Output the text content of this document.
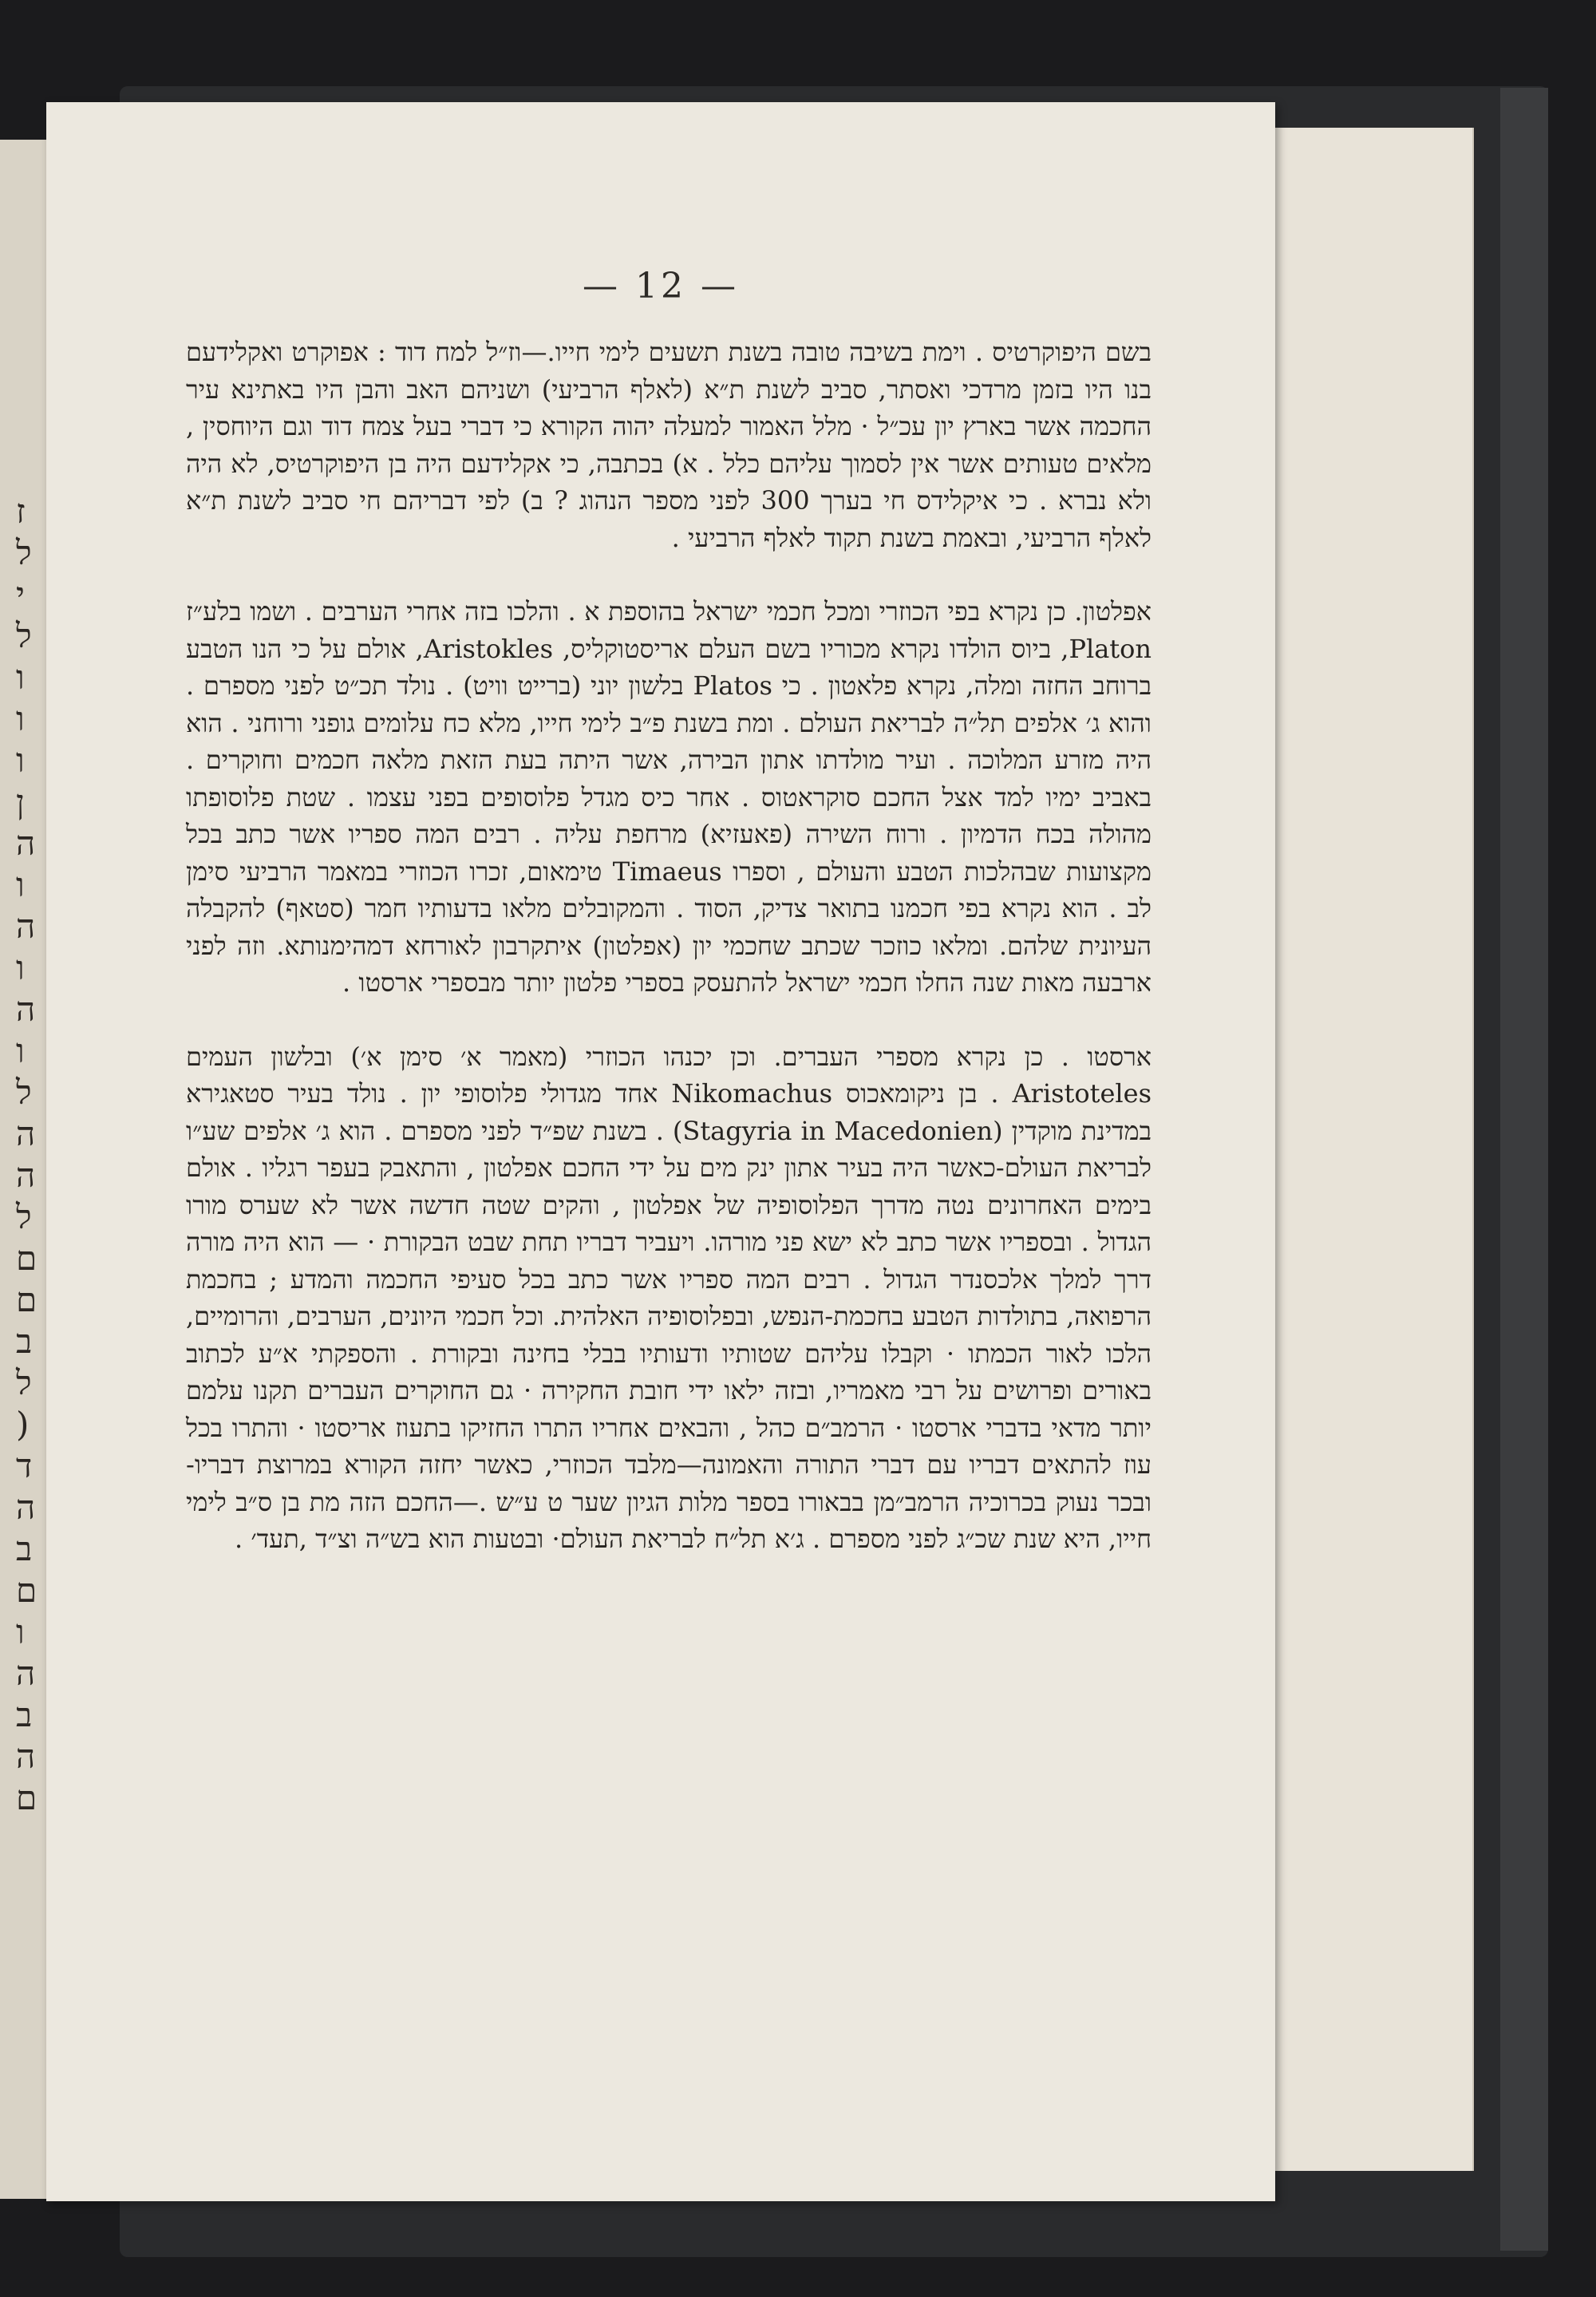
ז
ל
י
ל
ו
ו
ו
ן
ה
ו
ה
ו
ה
ו
ל
ה
ה
ל
ם
ם
ב
ל
)
ד
ה
ב
ם
ו
ה
ב
ה
ם
— 12 —

בשם היפוקרטיס . וימת בשיבה טובה בשנת תשעים לימי חייו.—וז״ל למח דוד : אפוקרט ואקלידעם בנו היו בזמן מרדכי ואסתר, סביב לשנת ת״א (לאלף הרביעי) ושניהם האב והבן היו באתינא עיר החכמה אשר בארץ יון עכ״ל · מלל האמור למעלה יהוה הקורא כי דברי בעל צמח דוד וגם היוחסין , מלאים טעותים אשר אין לסמוך עליהם כלל . א) בכתבה, כי אקלידעם היה בן היפוקרטיס, לא היה ולא נברא . כי איקלידס חי בערך 300 לפני מספר הנהוג ? ב) לפי דבריהם חי סביב לשנת ת״א לאלף הרביעי, ובאמת בשנת תקוד לאלף הרביעי .

אפלטון. כן נקרא בפי הכוזרי ומכל חכמי ישראל בהוספת א . והלכו בזה אחרי הערבים . ושמו בלע״ז Platon, ביוס הולדו נקרא מכוריו בשם העלם אריסטוקליס, Aristokles, אולם על כי הנו הטבע ברוחב החזה ומלה, נקרא פלאטון . כי Platos בלשון יוני (ברייט וויט) . נולד תכ״ט לפני מספרם . והוא ג׳ אלפים תל״ה לבריאת העולם . ומת בשנת פ״ב לימי חייו, מלא כח עלומים גופני ורוחני . הוא היה מזרע המלוכה . ועיר מולדתו אתון הבירה, אשר היתה בעת הזאת מלאה חכמים וחוקרים . באביב ימיו למד אצל החכם סוקראטוס . אחר כיס מגדל פלוסופים בפני עצמו . שטת פלוסופתו מהולה בכח הדמיון . ורוח השירה (פאעזיא) מרחפת עליה . רבים המה ספריו אשר כתב בכל מקצועות שבהלכות הטבע והעולם , וספרו Timaeus טימאום, זכרו הכוזרי במאמר הרביעי סימן לב . הוא נקרא בפי חכמנו בתואר צדיק, הסוד . והמקובלים מלאו בדעותיו חמר (סטאף) להקבלה העיונית שלהם. ומלאו כוזכר שכתב שחכמי יון (אפלטון) איתקרבון לאורחא דמהימנותא. וזה לפני ארבעה מאות שנה החלו חכמי ישראל להתעסק בספרי פלטון יותר מבספרי ארסטו .

ארסטו . כן נקרא מספרי העברים. וכן יכנהו הכוזרי (מאמר א׳ סימן א׳) ובלשון העמים Aristoteles . בן ניקומאכוס Nikomachus אחד מגדולי פלוסופי יון . נולד בעיר סטאגירא במדינת מוקדין (Stagyria in Macedonien) . בשנת שפ״ד לפני מספרם . הוא ג׳ אלפים שע״ו לבריאת העולם-כאשר היה בעיר אתון ינק מים על ידי החכם אפלטון , והתאבק בעפר רגליו . אולם בימים האחרונים נטה מדרך הפלוסופיה של אפלטון , והקים שטה חדשה אשר לא שערס מורו הגדול . ובספריו אשר כתב לא ישא פני מורהו. ויעביר דבריו תחת שבט הבקורת · — הוא היה מורה דרך למלך אלכסנדר הגדול . רבים המה ספריו אשר כתב בכל סעיפי החכמה והמדע ; בחכמת הרפואה, בתולדות הטבע בחכמת-הנפש, ובפלוסופיה האלהית. וכל חכמי היונים, הערבים, והרומיים, הלכו לאור הכמתו · וקבלו עליהם שטותיו ודעותיו בבלי בחינה ובקורת . והספקתי א״ע לכתוב באורים ופרושים על רבי מאמריו, ובזה ילאו ידי חובת החקירה · גם החוקרים העברים תקנו עלמם יותר מדאי בדברי ארסטו · הרמב״ם כהל , והבאים אחריו התרו החזיקו בתעוז אריסטו · והתרו בכל עוז להתאים דבריו עם דברי התורה והאמונה—מלבד הכוזרי, כאשר יחזה הקורא במרוצת דבריו- ובכר נעוק בכרוכיה הרמב״מן בבאורו בספר מלות הגיון שער ט ע״ש .—החכם הזה מת בן ס״ב לימי חייו, היא שנת שכ״ג לפני מספרם . ג׳א תל״ח לבריאת העולם· ובטעות הוא בש״ה וצ״ד ,תעד׳ .
